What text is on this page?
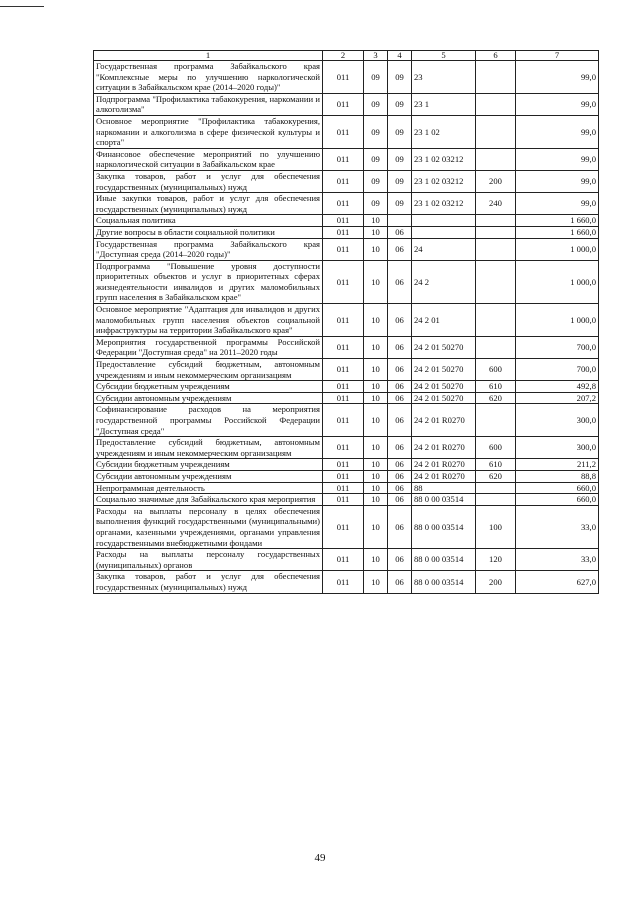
1	2	3	4	5	6	7
Государственная программа Забайкальского края "Комплексные меры по улучшению наркологической ситуации в Забайкальском крае (2014–2020 годы)"	011	09	09	23		99,0
Подпрограмма "Профилактика табакокурения, наркомании и алкоголизма"	011	09	09	23 1		99,0
Основное мероприятие "Профилактика табакокурения, наркомании и алкоголизма в сфере физической культуры и спорта"	011	09	09	23 1 02		99,0
Финансовое обеспечение мероприятий по улучшению наркологической ситуации в Забайкальском крае	011	09	09	23 1 02 03212		99,0
Закупка товаров, работ и услуг для обеспечения государственных (муниципальных) нужд	011	09	09	23 1 02 03212	200	99,0
Иные закупки товаров, работ и услуг для обеспечения государственных (муниципальных) нужд	011	09	09	23 1 02 03212	240	99,0
Социальная политика	011	10				1 660,0
Другие вопросы в области социальной политики	011	10	06			1 660,0
Государственная программа Забайкальского края "Доступная среда (2014–2020 годы)"	011	10	06	24		1 000,0
Подпрограмма "Повышение уровня доступности приоритетных объектов и услуг в приоритетных сферах жизнедеятельности инвалидов и других маломобильных групп населения в Забайкальском крае"	011	10	06	24 2		1 000,0
Основное мероприятие "Адаптация для инвалидов и других маломобильных групп населения объектов социальной инфраструктуры на территории Забайкальского края"	011	10	06	24 2 01		1 000,0
Мероприятия государственной программы Российской Федерации "Доступная среда" на 2011–2020 годы	011	10	06	24 2 01 50270		700,0
Предоставление субсидий бюджетным, автономным учреждениям и иным некоммерческим организациям	011	10	06	24 2 01 50270	600	700,0
Субсидии бюджетным учреждениям	011	10	06	24 2 01 50270	610	492,8
Субсидии автономным учреждениям	011	10	06	24 2 01 50270	620	207,2
Софинансирование расходов на мероприятия государственной программы Российской Федерации "Доступная среда"	011	10	06	24 2 01 R0270		300,0
Предоставление субсидий бюджетным, автономным учреждениям и иным некоммерческим организациям	011	10	06	24 2 01 R0270	600	300,0
Субсидии бюджетным учреждениям	011	10	06	24 2 01 R0270	610	211,2
Субсидии автономным учреждениям	011	10	06	24 2 01 R0270	620	88,8
Непрограммная деятельность	011	10	06	88		660,0
Социально значимые для Забайкальского края мероприятия	011	10	06	88 0 00 03514		660,0
Расходы на выплаты персоналу в целях обеспечения выполнения функций государственными (муниципальными) органами, казенными учреждениями, органами управления государственными внебюджетными фондами	011	10	06	88 0 00 03514	100	33,0
Расходы на выплаты персоналу государственных (муниципальных) органов	011	10	06	88 0 00 03514	120	33,0
Закупка товаров, работ и услуг для обеспечения государственных (муниципальных) нужд	011	10	06	88 0 00 03514	200	627,0
49
